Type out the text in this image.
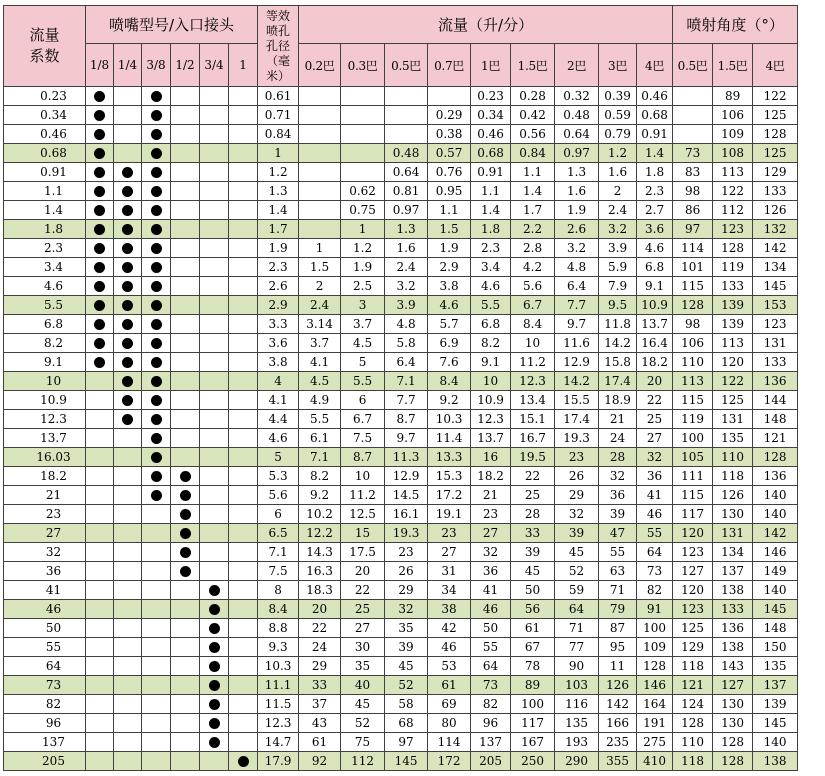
流量系数	喷嘴型号/入口接头						等效喷孔孔径（毫米）	流量（升/分）									喷射角度（°）		
	1/8	1/4	3/8	1/2	3/4	1		0.2巴	0.3巴	0.5巴	0.7巴	1巴	1.5巴	2巴	3巴	4巴	0.5巴	1.5巴	4巴
0.23							0.61					0.23	0.28	0.32	0.39	0.46		89	122
0.34							0.71				0.29	0.34	0.42	0.48	0.59	0.68		106	125
0.46							0.84				0.38	0.46	0.56	0.64	0.79	0.91		109	128
0.68							1			0.48	0.57	0.68	0.84	0.97	1.2	1.4	73	108	125
0.91							1.2			0.64	0.76	0.91	1.1	1.3	1.6	1.8	83	113	129
1.1							1.3		0.62	0.81	0.95	1.1	1.4	1.6	2	2.3	98	122	133
1.4							1.4		0.75	0.97	1.1	1.4	1.7	1.9	2.4	2.7	86	112	126
1.8							1.7		1	1.3	1.5	1.8	2.2	2.6	3.2	3.6	97	123	132
2.3							1.9	1	1.2	1.6	1.9	2.3	2.8	3.2	3.9	4.6	114	128	142
3.4							2.3	1.5	1.9	2.4	2.9	3.4	4.2	4.8	5.9	6.8	101	119	134
4.6							2.6	2	2.5	3.2	3.8	4.6	5.6	6.4	7.9	9.1	115	133	145
5.5							2.9	2.4	3	3.9	4.6	5.5	6.7	7.7	9.5	10.9	128	139	153
6.8							3.3	3.14	3.7	4.8	5.7	6.8	8.4	9.7	11.8	13.7	98	139	123
8.2							3.6	3.7	4.5	5.8	6.9	8.2	10	11.6	14.2	16.4	106	113	131
9.1							3.8	4.1	5	6.4	7.6	9.1	11.2	12.9	15.8	18.2	110	120	133
10							4	4.5	5.5	7.1	8.4	10	12.3	14.2	17.4	20	113	122	136
10.9							4.1	4.9	6	7.7	9.2	10.9	13.4	15.5	18.9	22	115	125	144
12.3							4.4	5.5	6.7	8.7	10.3	12.3	15.1	17.4	21	25	119	131	148
13.7							4.6	6.1	7.5	9.7	11.4	13.7	16.7	19.3	24	27	100	135	121
16.03							5	7.1	8.7	11.3	13.3	16	19.5	23	28	32	105	110	128
18.2							5.3	8.2	10	12.9	15.3	18.2	22	26	32	36	111	118	136
21							5.6	9.2	11.2	14.5	17.2	21	25	29	36	41	115	126	140
23							6	10.2	12.5	16.1	19.1	23	28	32	39	46	117	130	140
27							6.5	12.2	15	19.3	23	27	33	39	47	55	120	131	142
32							7.1	14.3	17.5	23	27	32	39	45	55	64	123	134	146
36							7.5	16.3	20	26	31	36	45	52	63	73	127	137	149
41							8	18.3	22	29	34	41	50	59	71	82	120	138	140
46							8.4	20	25	32	38	46	56	64	79	91	123	133	145
50							8.8	22	27	35	42	50	61	71	87	100	125	136	148
55							9.3	24	30	39	46	55	67	77	95	109	129	138	150
64							10.3	29	35	45	53	64	78	90	11	128	118	143	135
73							11.1	33	40	52	61	73	89	103	126	146	121	127	137
82							11.5	37	45	58	69	82	100	116	142	164	124	130	139
96							12.3	43	52	68	80	96	117	135	166	191	128	130	145
137							14.7	61	75	97	114	137	167	193	235	275	110	128	140
205							17.9	92	112	145	172	205	250	290	355	410	118	128	138
